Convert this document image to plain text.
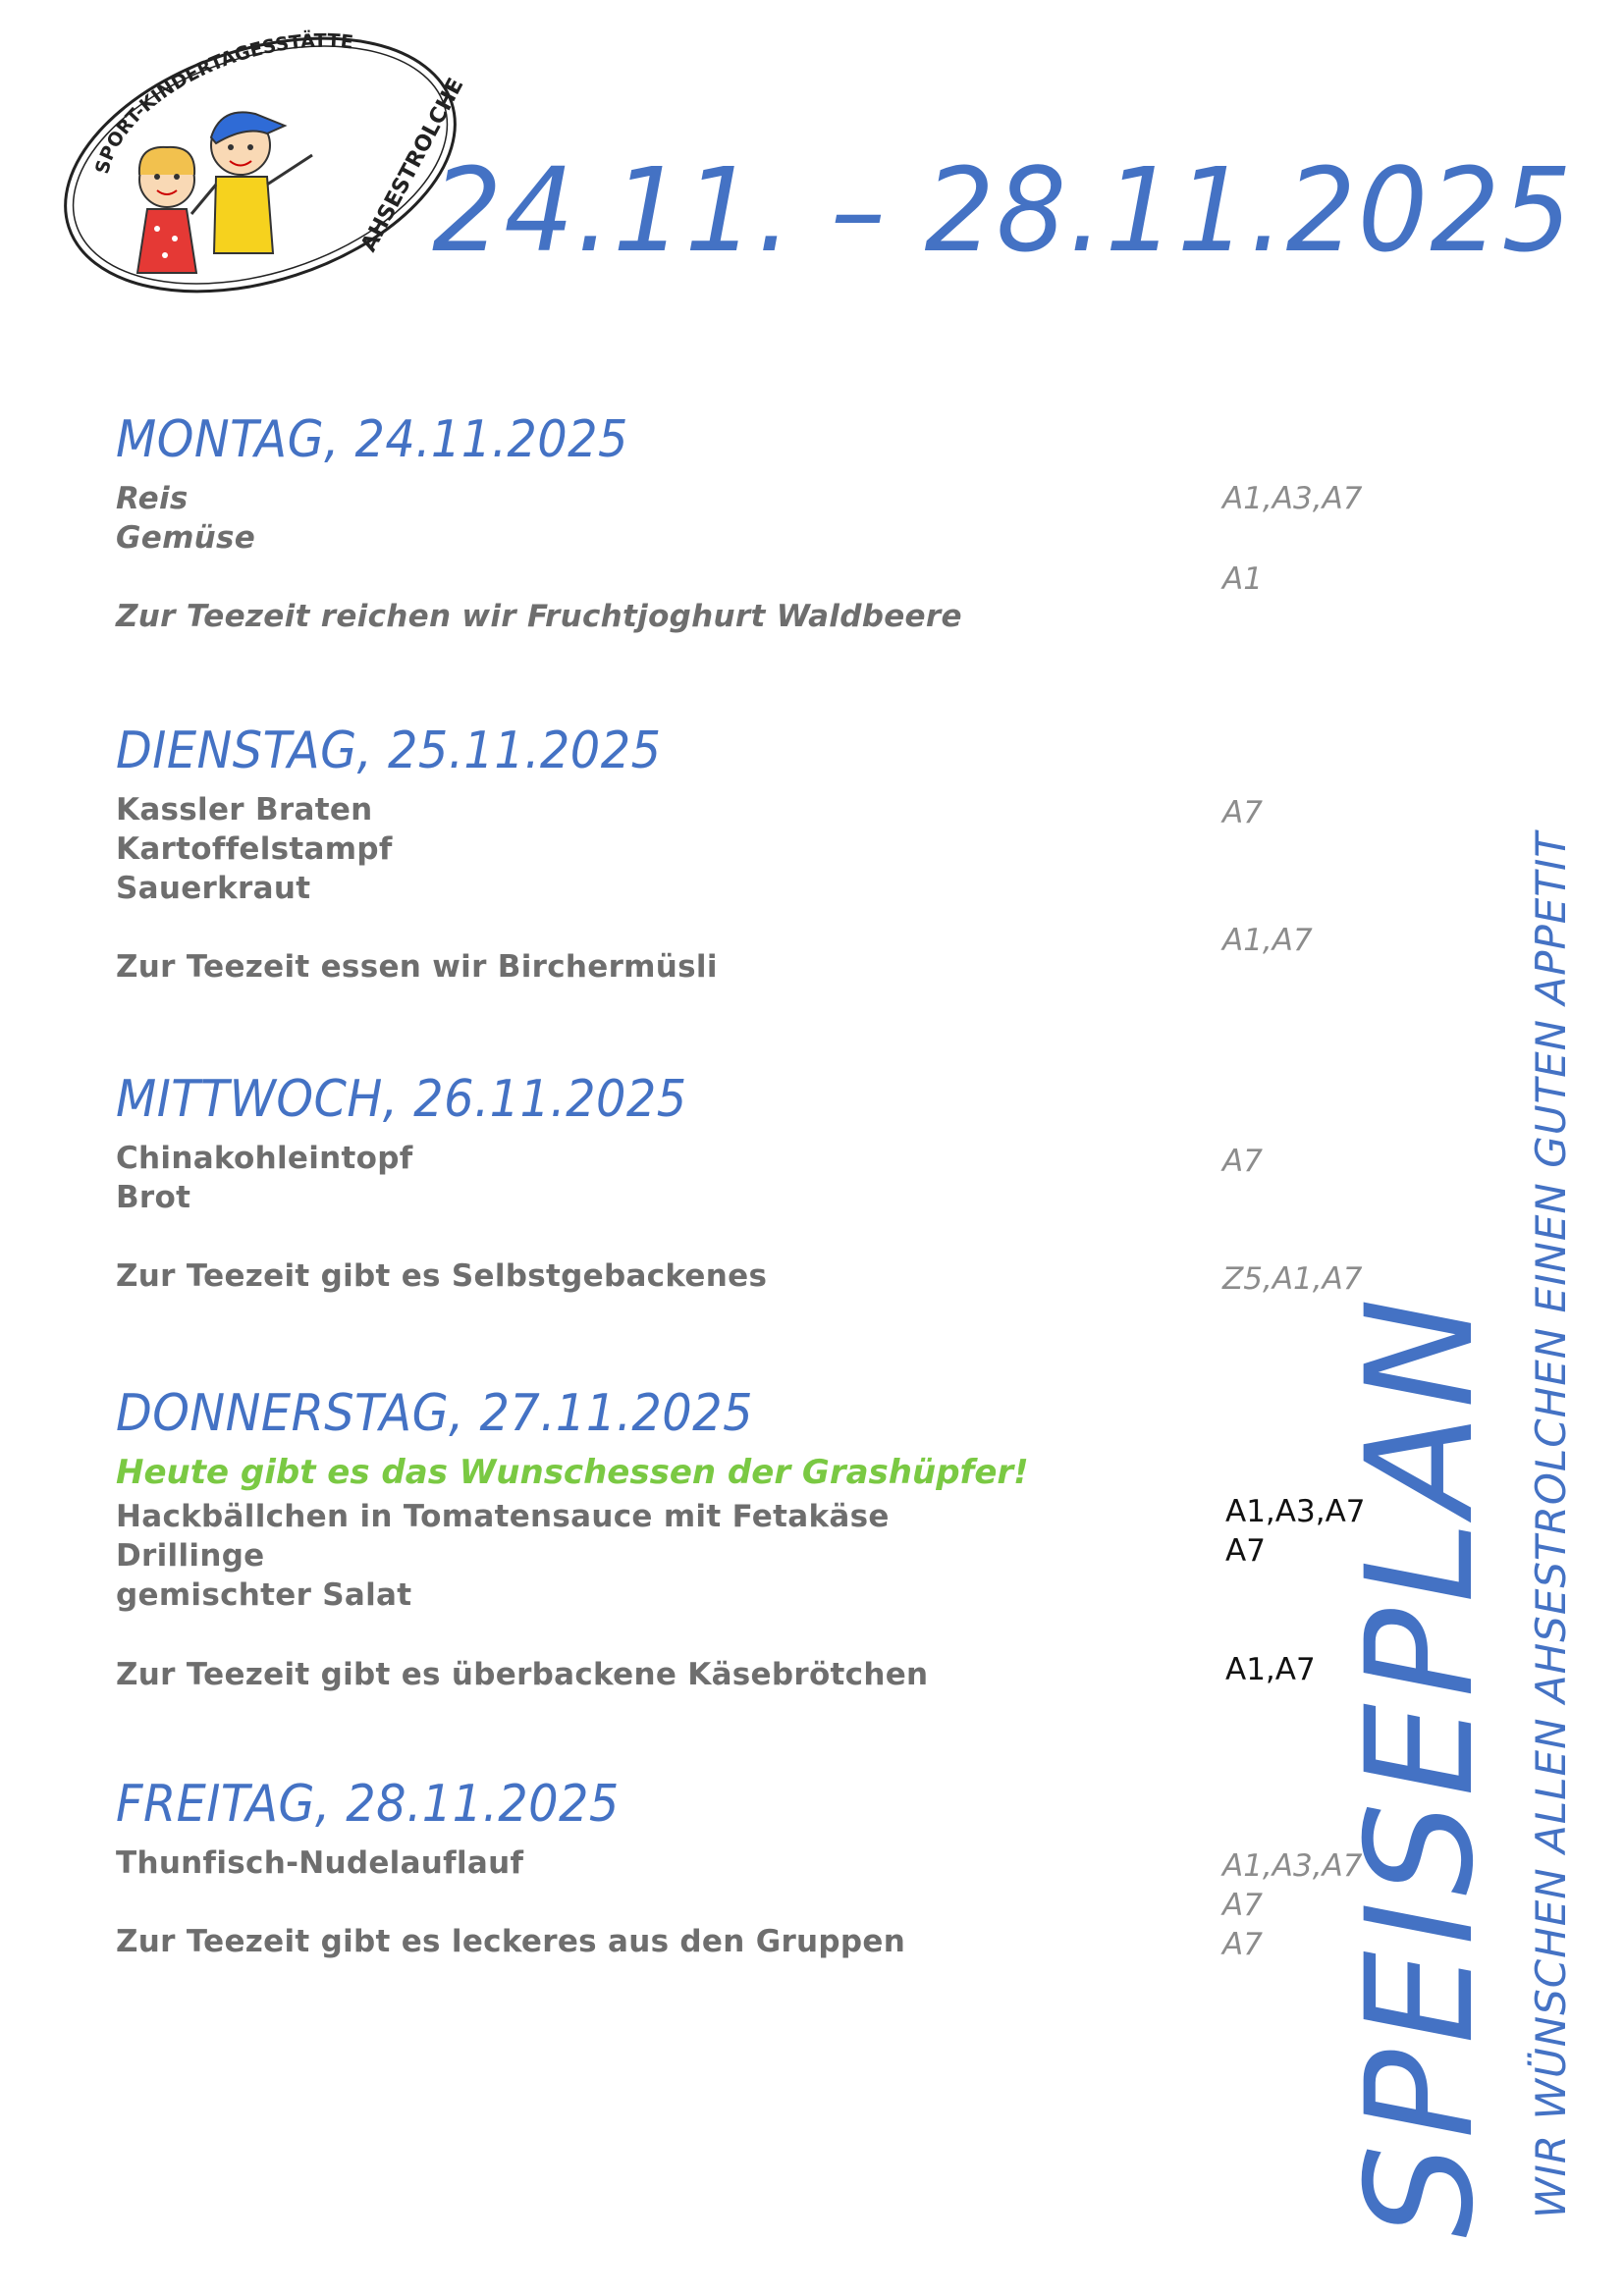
SPORT-KINDERTAGESSTÄTTE
AHSESTROLCHE
24.11. – 28.11.2025
MONTAG, 24.11.2025
Reis
Gemüse
Zur Teezeit reichen wir Fruchtjoghurt Waldbeere
A1,A3,A7
A1
DIENSTAG, 25.11.2025
Kassler Braten
Kartoffelstampf
Sauerkraut
Zur Teezeit essen wir Birchermüsli
A7
A1,A7
MITTWOCH, 26.11.2025
Chinakohleintopf
Brot
Zur Teezeit gibt es Selbstgebackenes
A7
Z5,A1,A7
DONNERSTAG, 27.11.2025
Heute gibt es das Wunschessen der Grashüpfer!
Hackbällchen in Tomatensauce mit Fetakäse
Drillinge
gemischter Salat
Zur Teezeit gibt es überbackene Käsebrötchen
A1,A3,A7
A7
A1,A7
FREITAG, 28.11.2025
Thunfisch-Nudelauflauf
Zur Teezeit gibt es leckeres aus den Gruppen
A1,A3,A7
A7
A7 SPEISEPLAN WIR WÜNSCHEN ALLEN AHSESTROLCHEN EINEN GUTEN APPETIT
